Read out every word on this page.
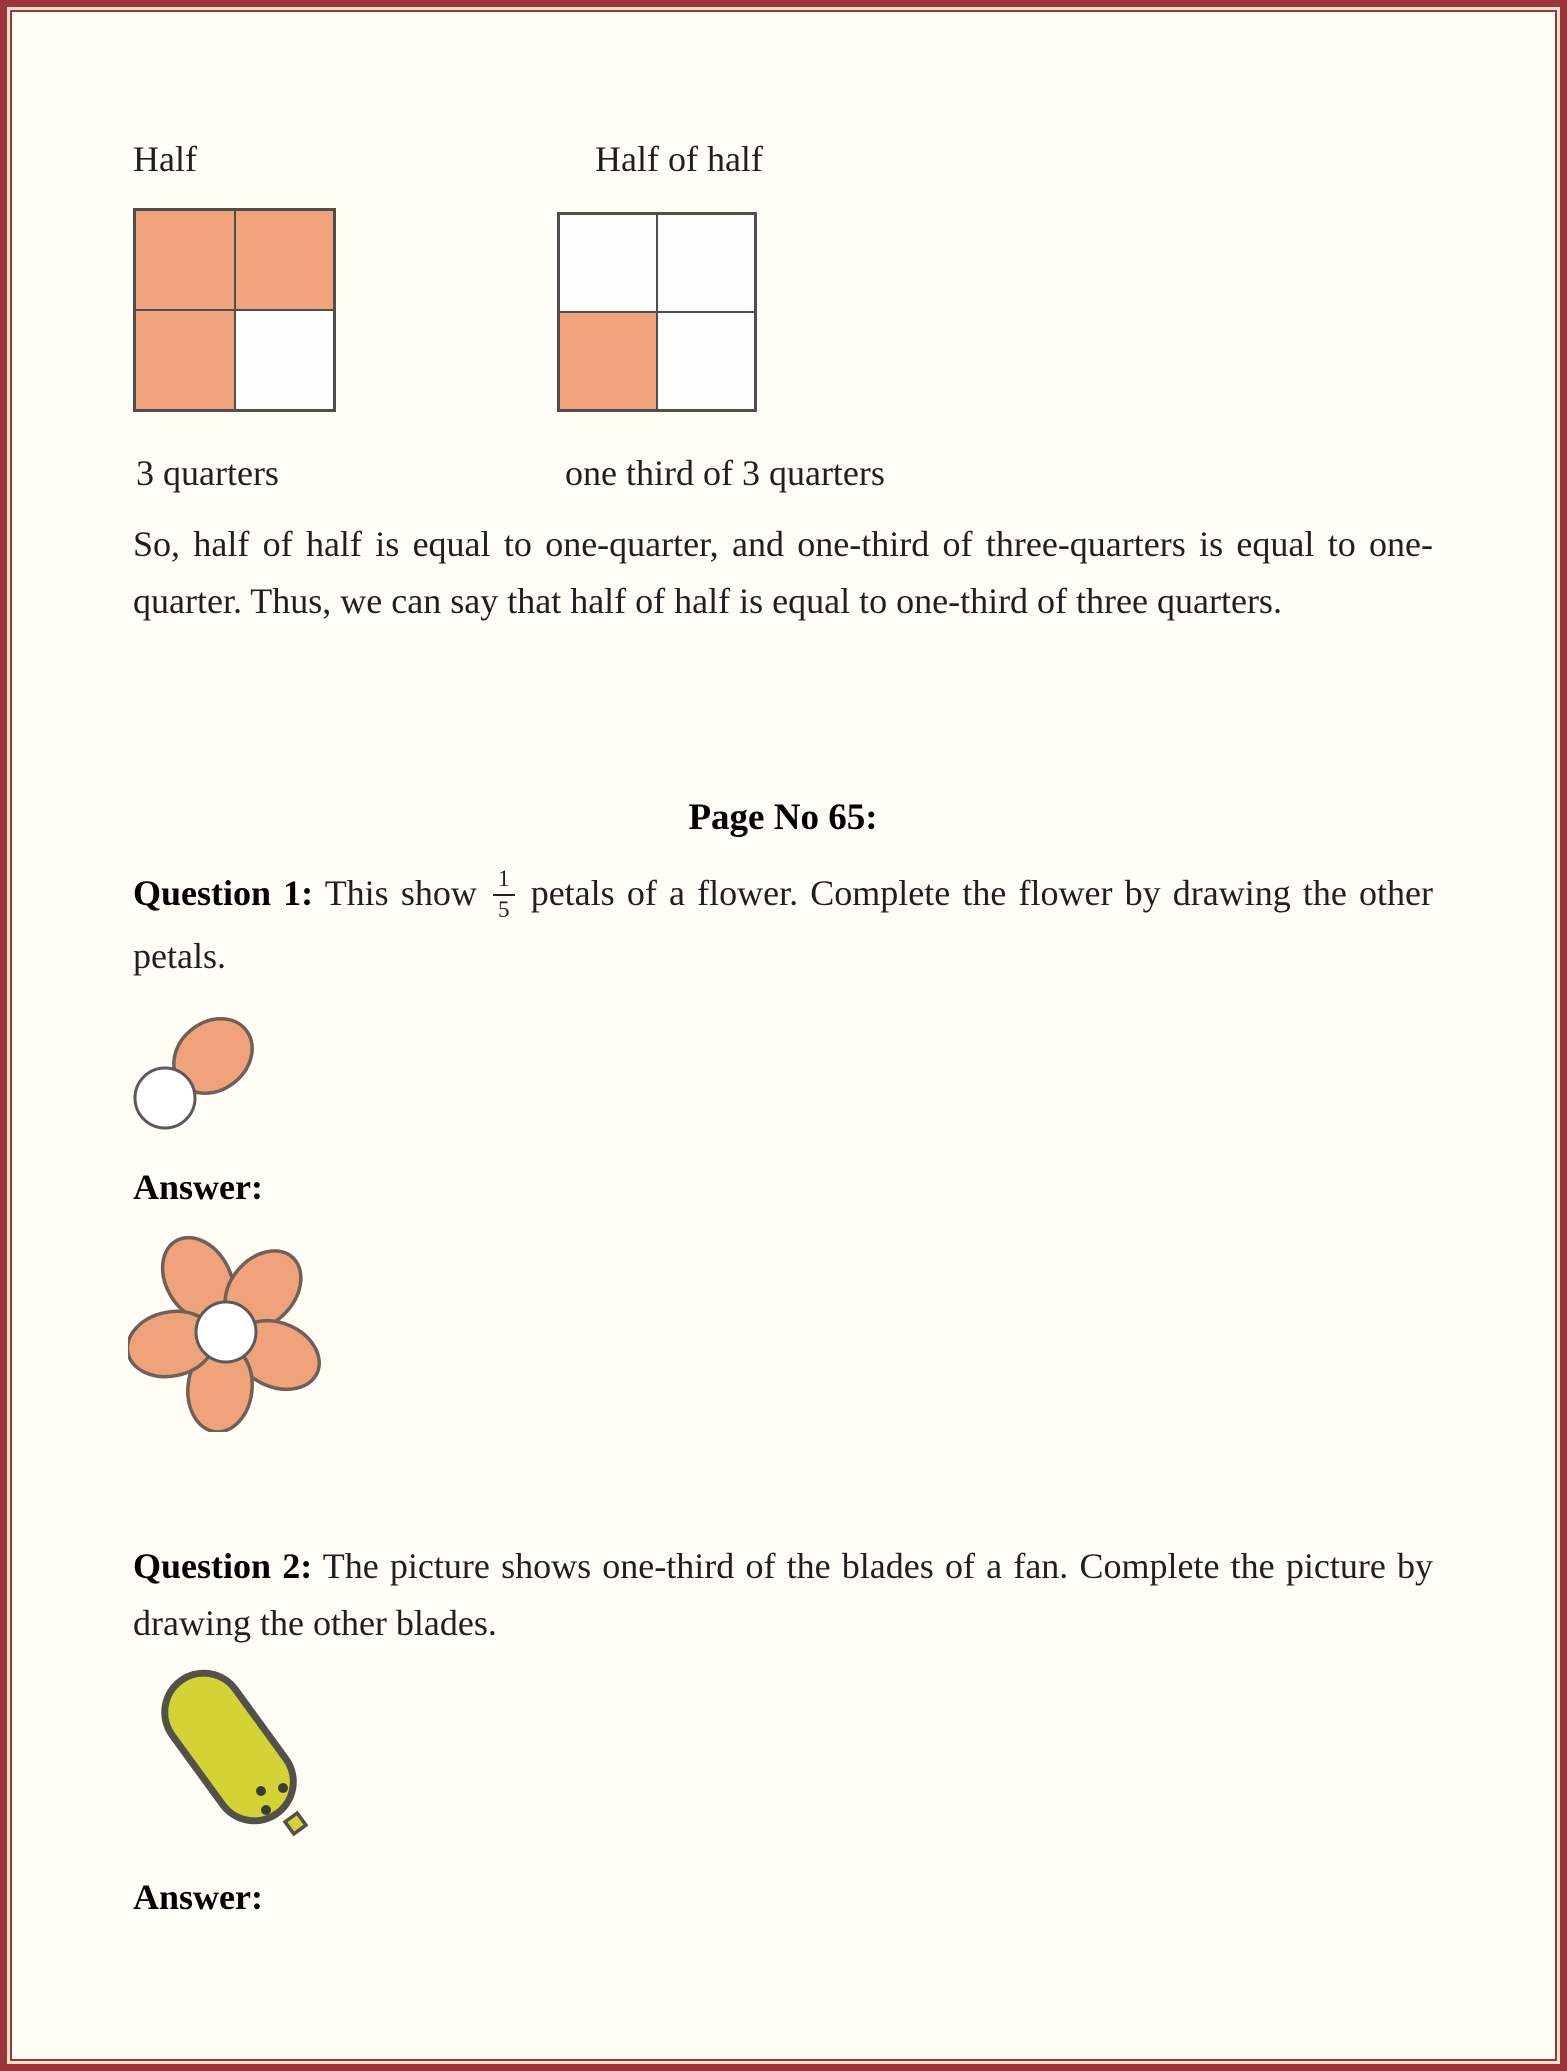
Half	Half of half
3 quarters	one third of 3 quarters
So, half of half is equal to one-quarter, and one-third of three-quarters is equal to one-quarter. Thus, we can say that half of half is equal to one-third of three quarters.
Page No 65:
Question 1: This show $\frac{1}{5}$ petals of a flower. Complete the flower by drawing the other petals.
Answer:
Question 2: The picture shows one-third of the blades of a fan. Complete the picture by drawing the other blades.
Answer:
